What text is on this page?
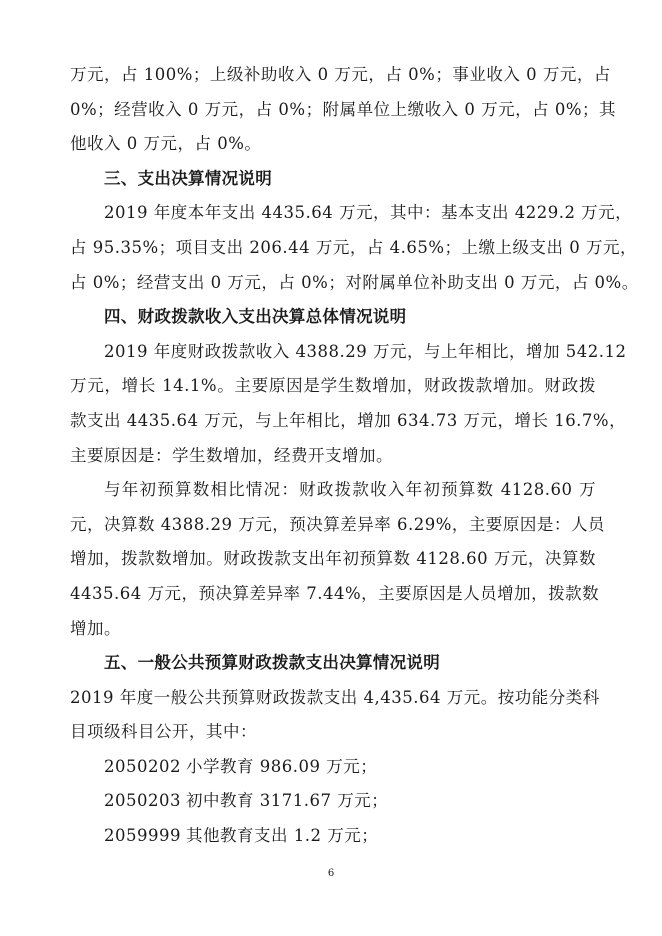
万元，占 100%；上级补助收入 0 万元，占 0%；事业收入 0 万元，占
0%；经营收入 0 万元，占 0%；附属单位上缴收入 0 万元，占 0%；其
他收入 0 万元，占 0%。
三、支出决算情况说明
2019 年度本年支出 4435.64 万元，其中：基本支出 4229.2 万元，
占 95.35%；项目支出 206.44 万元，占 4.65%；上缴上级支出 0 万元，
占 0%；经营支出 0 万元，占 0%；对附属单位补助支出 0 万元，占 0%。
四、财政拨款收入支出决算总体情况说明
2019 年度财政拨款收入 4388.29 万元，与上年相比，增加 542.12
万元，增长 14.1%。主要原因是学生数增加，财政拨款增加。财政拨
款支出 4435.64 万元，与上年相比，增加 634.73 万元，增长 16.7%，
主要原因是：学生数增加，经费开支增加。
与年初预算数相比情况：财政拨款收入年初预算数 4128.60 万
元，决算数 4388.29 万元，预决算差异率 6.29%，主要原因是：人员
增加，拨款数增加。财政拨款支出年初预算数 4128.60 万元，决算数
4435.64 万元，预决算差异率 7.44%，主要原因是人员增加，拨款数
增加。
五、一般公共预算财政拨款支出决算情况说明
2019 年度一般公共预算财政拨款支出 4,435.64 万元。按功能分类科
目项级科目公开，其中：
2050202 小学教育 986.09 万元；
2050203 初中教育 3171.67 万元；
2059999 其他教育支出 1.2 万元；
6
